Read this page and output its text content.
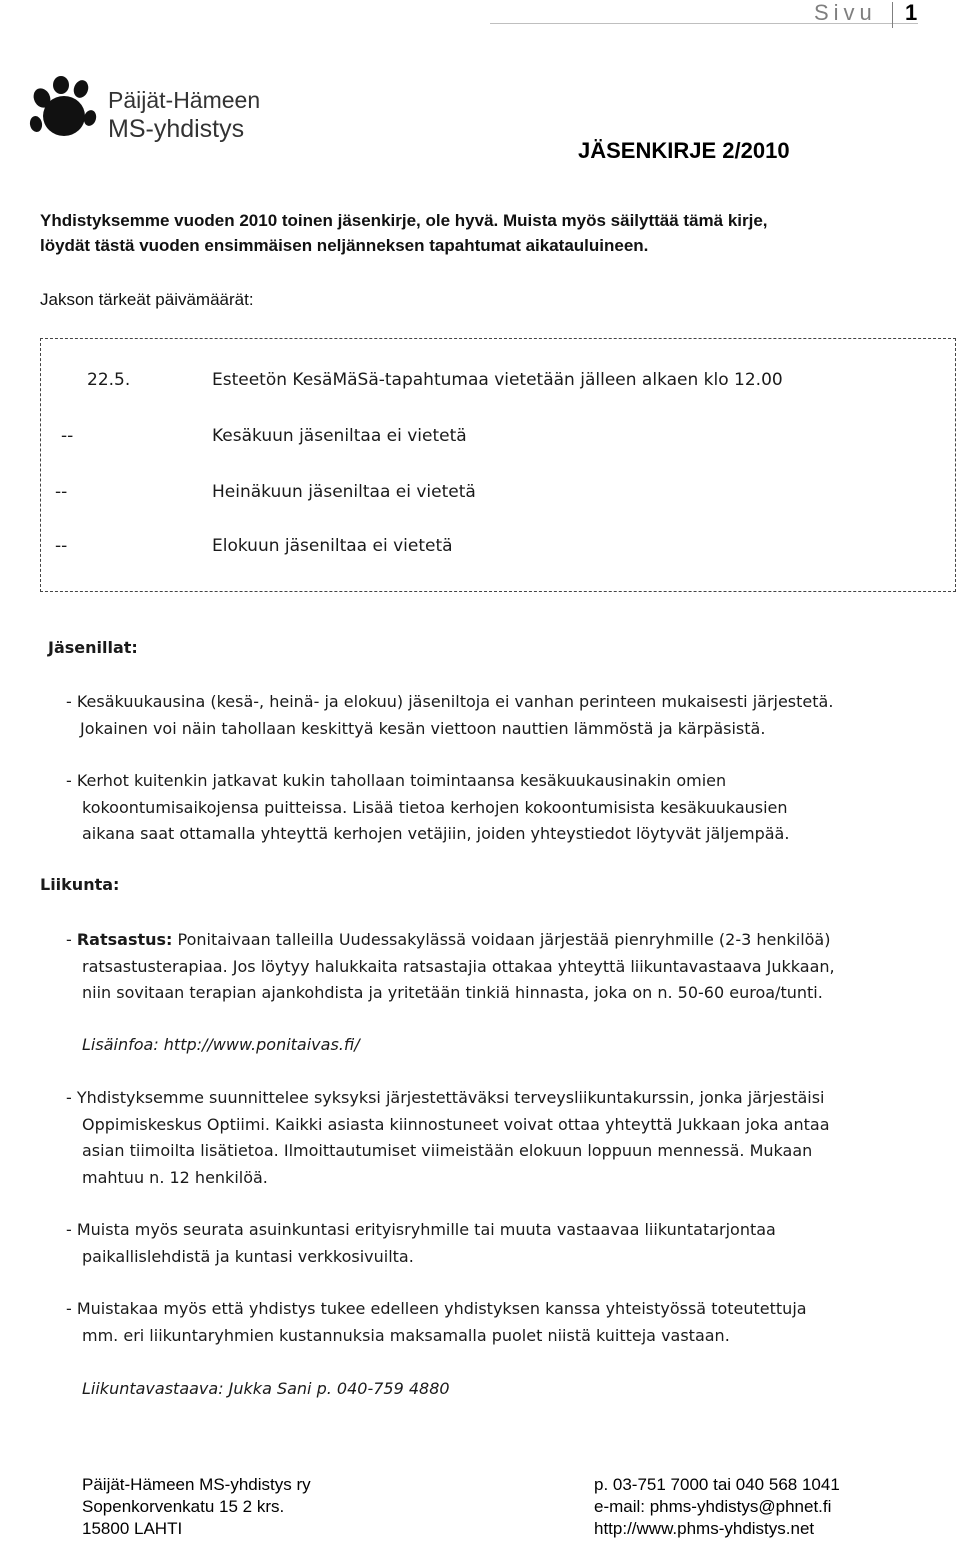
Sivu 1
Päijät-Hämeen
MS-yhdistys
JÄSENKIRJE 2/2010
Yhdistyksemme vuoden 2010 toinen jäsenkirje, ole hyvä. Muista myös säilyttää tämä kirje,
löydät tästä vuoden ensimmäisen neljänneksen tapahtumat aikatauluineen.
Jakson tärkeät päivämäärät:
22.5.	Esteetön KesäMäSä-tapahtumaa vietetään jälleen alkaen klo 12.00
--	Kesäkuun jäseniltaa ei vietetä
--	Heinäkuun jäseniltaa ei vietetä
--	Elokuun jäseniltaa ei vietetä
Jäsenillat:
- Kesäkuukausina (kesä-, heinä- ja elokuu) jäseniltoja ei vanhan perinteen mukaisesti järjestetä.
Jokainen voi näin tahollaan keskittyä kesän viettoon nauttien lämmöstä ja kärpäsistä.
- Kerhot kuitenkin jatkavat kukin tahollaan toimintaansa kesäkuukausinakin omien
kokoontumisaikojensa puitteissa. Lisää tietoa kerhojen kokoontumisista kesäkuukausien
aikana saat ottamalla yhteyttä kerhojen vetäjiin, joiden yhteystiedot löytyvät jäljempää.
Liikunta:
- Ratsastus: Ponitaivaan talleilla Uudessakylässä voidaan järjestää pienryhmille (2-3 henkilöä)
ratsastusterapiaa. Jos löytyy halukkaita ratsastajia ottakaa yhteyttä liikuntavastaava Jukkaan,
niin sovitaan terapian ajankohdista ja yritetään tinkiä hinnasta, joka on n. 50-60 euroa/tunti.
Lisäinfoa: http://www.ponitaivas.fi/
- Yhdistyksemme suunnittelee syksyksi järjestettäväksi terveysliikuntakurssin, jonka järjestäisi
Oppimiskeskus Optiimi. Kaikki asiasta kiinnostuneet voivat ottaa yhteyttä Jukkaan joka antaa
asian tiimoilta lisätietoa. Ilmoittautumiset viimeistään elokuun loppuun mennessä. Mukaan
mahtuu n. 12 henkilöä.
- Muista myös seurata asuinkuntasi erityisryhmille tai muuta vastaavaa liikuntatarjontaa
paikallislehdistä ja kuntasi verkkosivuilta.
- Muistakaa myös että yhdistys tukee edelleen yhdistyksen kanssa yhteistyössä toteutettuja
mm. eri liikuntaryhmien kustannuksia maksamalla puolet niistä kuitteja vastaan.
Liikuntavastaava: Jukka Sani p. 040-759 4880
Päijät-Hämeen MS-yhdistys ry
Sopenkorvenkatu 15 2 krs.
15800 LAHTI
p. 03-751 7000 tai 040 568 1041
e-mail: phms-yhdistys@phnet.fi
http://www.phms-yhdistys.net
